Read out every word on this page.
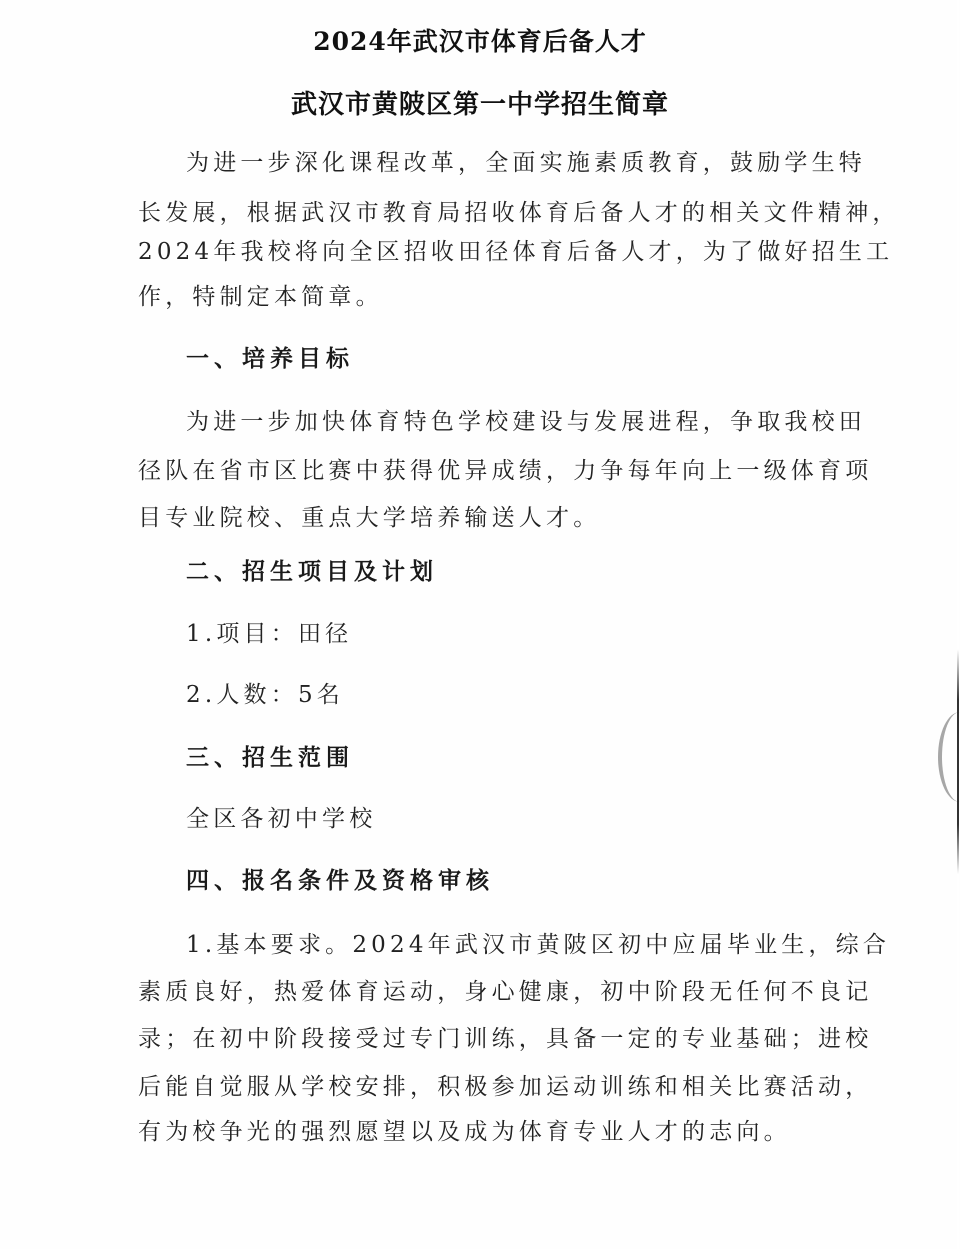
2024年武汉市体育后备人才
武汉市黄陂区第一中学招生简章
为进一步深化课程改革，全面实施素质教育，鼓励学生特
长发展，根据武汉市教育局招收体育后备人才的相关文件精神，
2024年我校将向全区招收田径体育后备人才，为了做好招生工
作，特制定本简章。
一、培养目标
为进一步加快体育特色学校建设与发展进程，争取我校田
径队在省市区比赛中获得优异成绩，力争每年向上一级体育项
目专业院校、重点大学培养输送人才。
二、招生项目及计划
1.项目：田径
2.人数：5名
三、招生范围
全区各初中学校
四、报名条件及资格审核
1.基本要求。2024年武汉市黄陂区初中应届毕业生，综合
素质良好，热爱体育运动，身心健康，初中阶段无任何不良记
录；在初中阶段接受过专门训练，具备一定的专业基础；进校
后能自觉服从学校安排，积极参加运动训练和相关比赛活动，
有为校争光的强烈愿望以及成为体育专业人才的志向。
